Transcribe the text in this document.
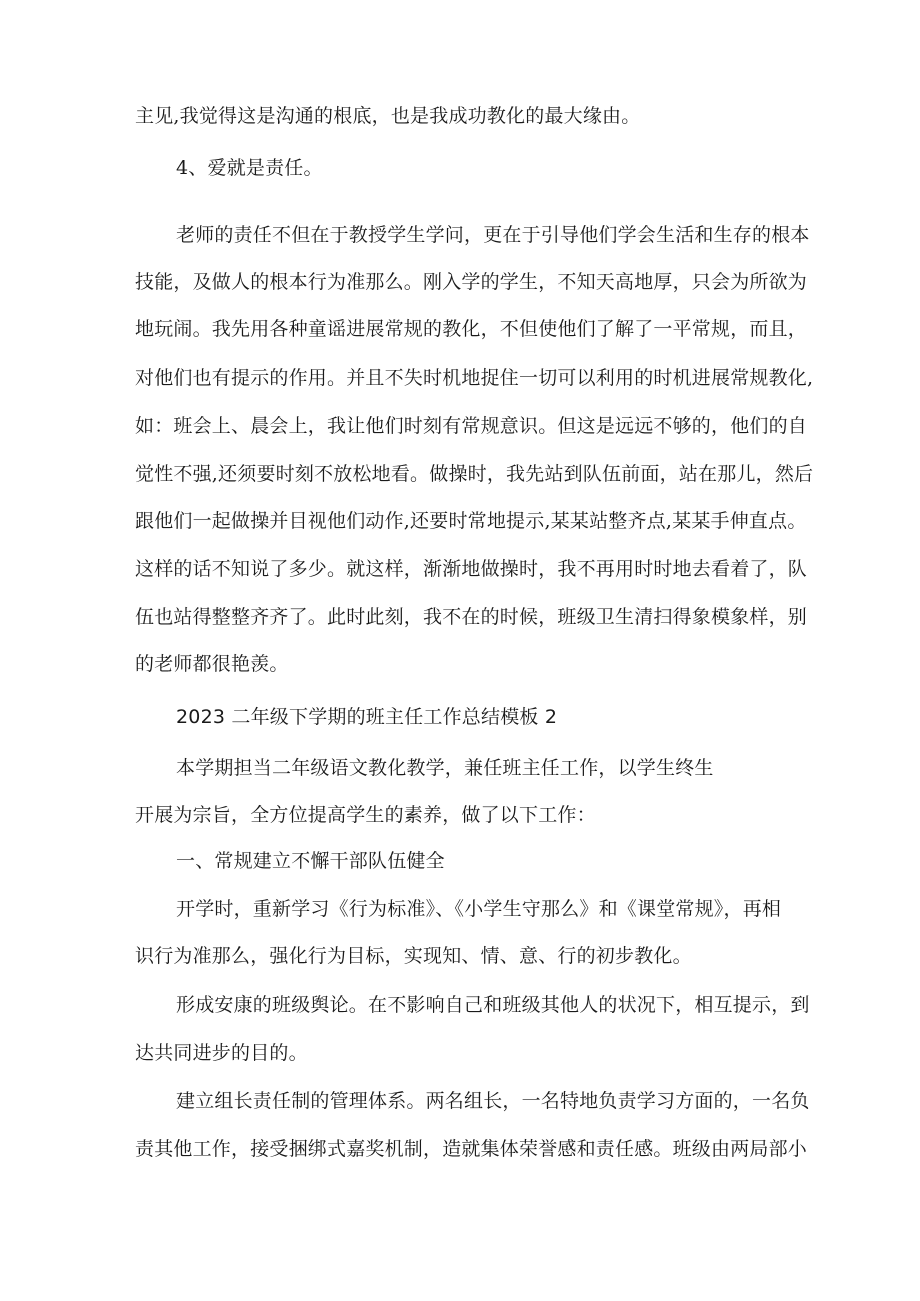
主见,我觉得这是沟通的根底，也是我成功教化的最大缘由。
4、爱就是责任。
老师的责任不但在于教授学生学问，更在于引导他们学会生活和生存的根本
技能，及做人的根本行为准那么。刚入学的学生，不知天高地厚，只会为所欲为
地玩闹。我先用各种童谣进展常规的教化，不但使他们了解了一平常规，而且，
对他们也有提示的作用。并且不失时机地捉住一切可以利用的时机进展常规教化,
如：班会上、晨会上，我让他们时刻有常规意识。但这是远远不够的，他们的自
觉性不强,还须要时刻不放松地看。做操时，我先站到队伍前面，站在那儿，然后
跟他们一起做操并目视他们动作,还要时常地提示,某某站整齐点,某某手伸直点。
这样的话不知说了多少。就这样，渐渐地做操时，我不再用时时地去看着了，队
伍也站得整整齐齐了。此时此刻，我不在的时候，班级卫生清扫得象模象样，别
的老师都很艳羡。
2023 二年级下学期的班主任工作总结模板 2
本学期担当二年级语文教化教学，兼任班主任工作，以学生终生
开展为宗旨，全方位提高学生的素养，做了以下工作：
一、常规建立不懈干部队伍健全
开学时，重新学习《行为标准》、《小学生守那么》和《课堂常规》，再相
识行为准那么，强化行为目标，实现知、情、意、行的初步教化。
形成安康的班级舆论。在不影响自己和班级其他人的状况下，相互提示，到
达共同进步的目的。
建立组长责任制的管理体系。两名组长，一名特地负责学习方面的，一名负
责其他工作，接受捆绑式嘉奖机制，造就集体荣誉感和责任感。班级由两局部小
